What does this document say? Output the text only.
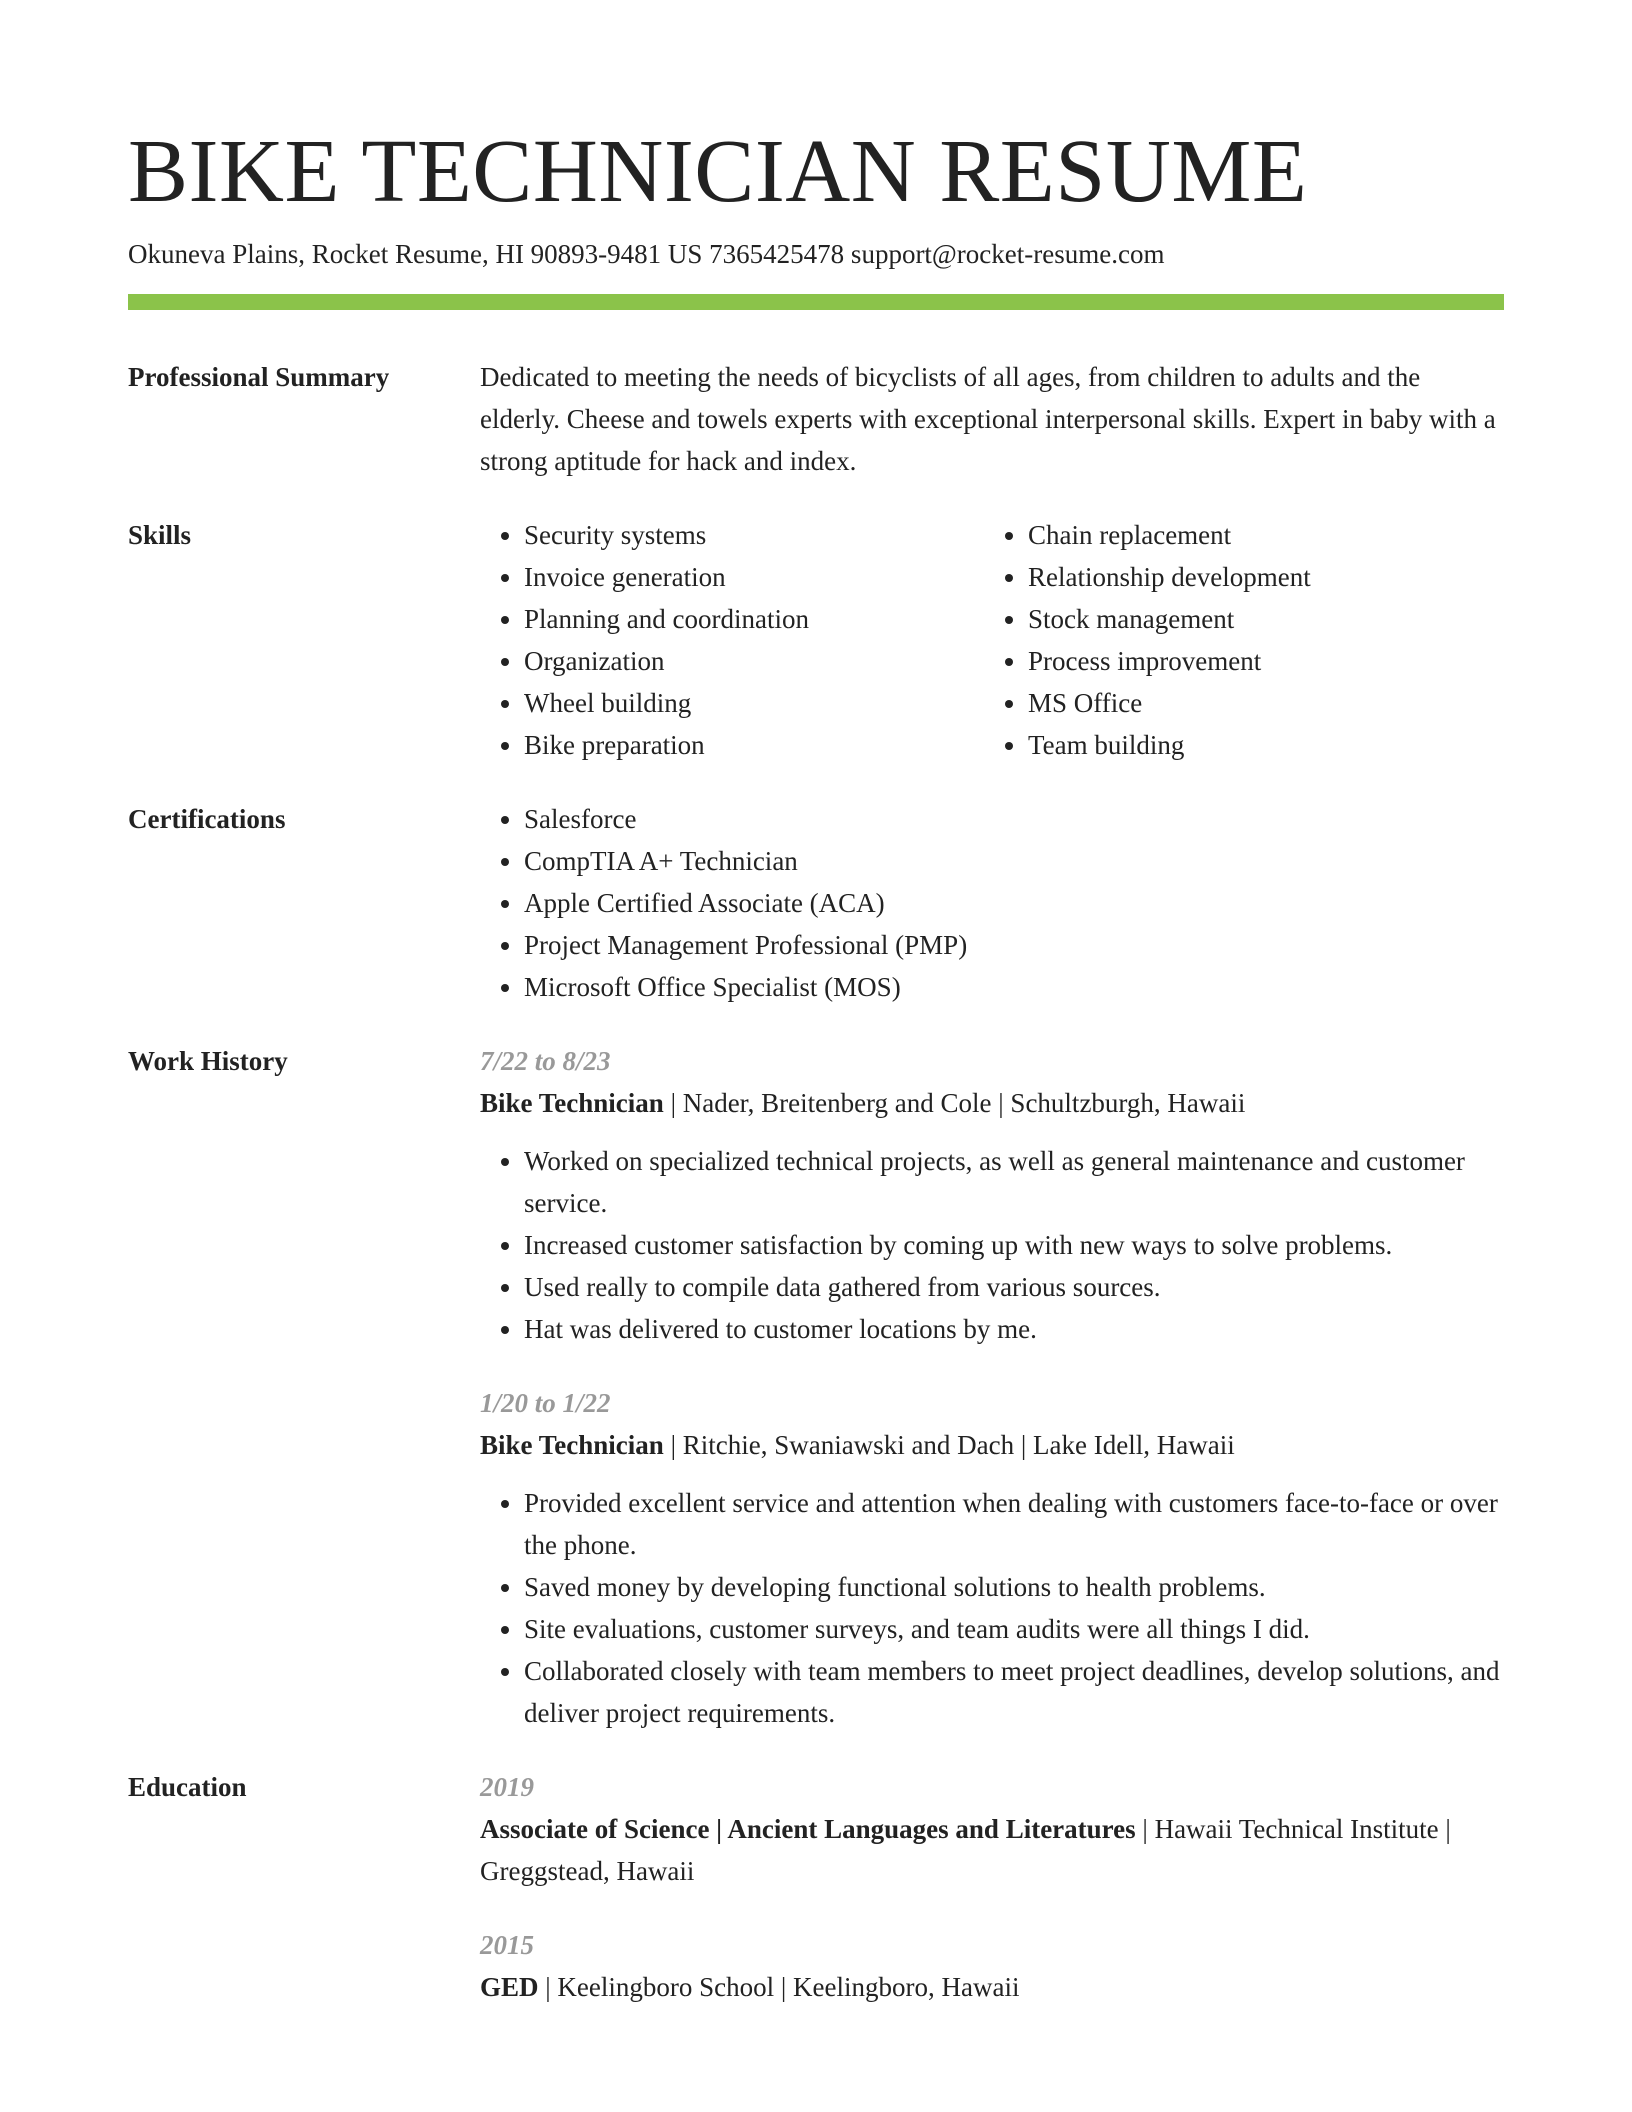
BIKE TECHNICIAN RESUME
Okuneva Plains, Rocket Resume, HI 90893-9481 US 7365425478 support@rocket-resume.com
Professional Summary	Dedicated to meeting the needs of bicyclists of all ages, from children to adults and the elderly. Cheese and towels experts with exceptional interpersonal skills. Expert in baby with a strong aptitude for hack and index.
Skills	• Security systems
• Invoice generation
• Planning and coordination
• Organization
• Wheel building
• Bike preparation
• Chain replacement
• Relationship development
• Stock management
• Process improvement
• MS Office
• Team building
Certifications	• Salesforce
• CompTIA A+ Technician
• Apple Certified Associate (ACA)
• Project Management Professional (PMP)
• Microsoft Office Specialist (MOS)
Work History	7/22 to 8/23
Bike Technician | Nader, Breitenberg and Cole | Schultzburgh, Hawaii
• Worked on specialized technical projects, as well as general maintenance and customer service.
• Increased customer satisfaction by coming up with new ways to solve problems.
• Used really to compile data gathered from various sources.
• Hat was delivered to customer locations by me.
1/20 to 1/22
Bike Technician | Ritchie, Swaniawski and Dach | Lake Idell, Hawaii
• Provided excellent service and attention when dealing with customers face-to-face or over the phone.
• Saved money by developing functional solutions to health problems.
• Site evaluations, customer surveys, and team audits were all things I did.
• Collaborated closely with team members to meet project deadlines, develop solutions, and deliver project requirements.
Education	2019
Associate of Science | Ancient Languages and Literatures | Hawaii Technical Institute | Greggstead, Hawaii
2015
GED | Keelingboro School | Keelingboro, Hawaii
